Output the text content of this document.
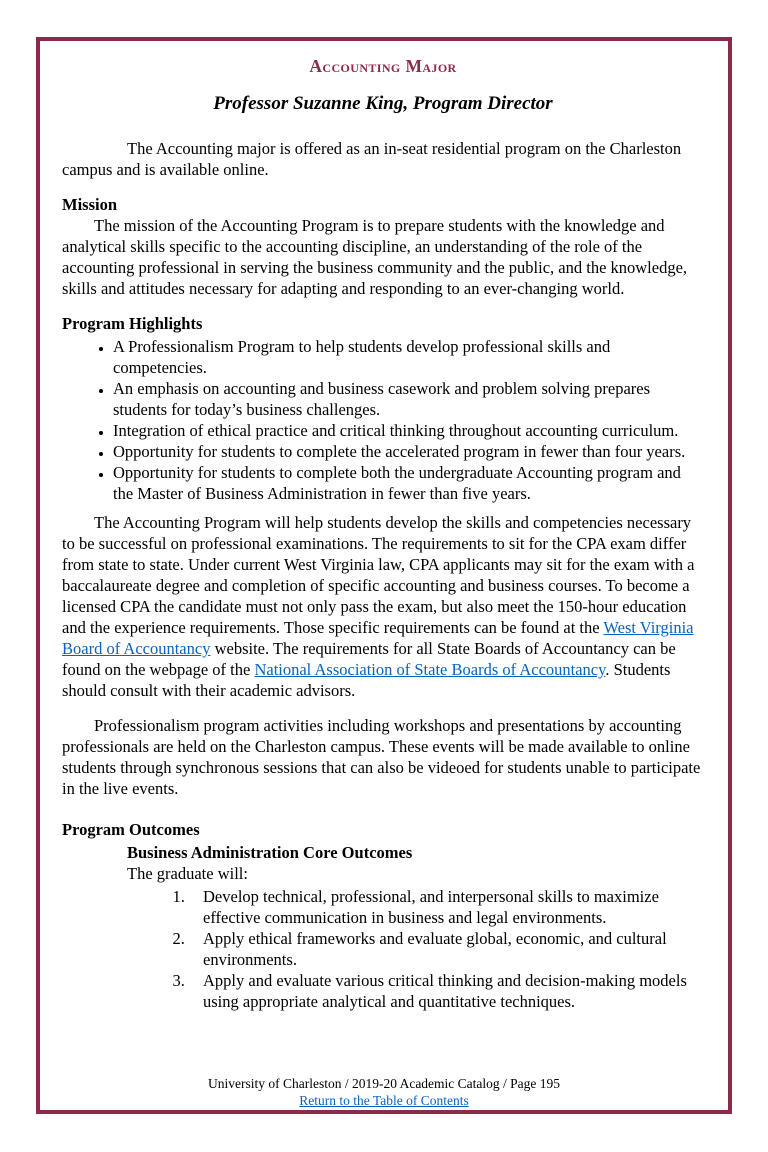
Accounting Major
Professor Suzanne King, Program Director

The Accounting major is offered as an in-seat residential program on the Charleston campus and is available online.

Mission

The mission of the Accounting Program is to prepare students with the knowledge and analytical skills specific to the accounting discipline, an understanding of the role of the accounting professional in serving the business community and the public, and the knowledge, skills and attitudes necessary for adapting and responding to an ever-changing world.

Program Highlights
• A Professionalism Program to help students develop professional skills and competencies.
• An emphasis on accounting and business casework and problem solving prepares students for today’s business challenges.
• Integration of ethical practice and critical thinking throughout accounting curriculum.
• Opportunity for students to complete the accelerated program in fewer than four years.
• Opportunity for students to complete both the undergraduate Accounting program and the Master of Business Administration in fewer than five years.

The Accounting Program will help students develop the skills and competencies necessary to be successful on professional examinations. The requirements to sit for the CPA exam differ from state to state. Under current West Virginia law, CPA applicants may sit for the exam with a baccalaureate degree and completion of specific accounting and business courses. To become a licensed CPA the candidate must not only pass the exam, but also meet the 150-hour education and the experience requirements. Those specific requirements can be found at the West Virginia Board of Accountancy website. The requirements for all State Boards of Accountancy can be found on the webpage of the National Association of State Boards of Accountancy. Students should consult with their academic advisors.

Professionalism program activities including workshops and presentations by accounting professionals are held on the Charleston campus. These events will be made available to online students through synchronous sessions that can also be videoed for students unable to participate in the live events.

Program Outcomes
Business Administration Core Outcomes
The graduate will:
1. Develop technical, professional, and interpersonal skills to maximize effective communication in business and legal environments.
2. Apply ethical frameworks and evaluate global, economic, and cultural environments.
3. Apply and evaluate various critical thinking and decision-making models using appropriate analytical and quantitative techniques.
University of Charleston / 2019-20 Academic Catalog / Page 195
Return to the Table of Contents
